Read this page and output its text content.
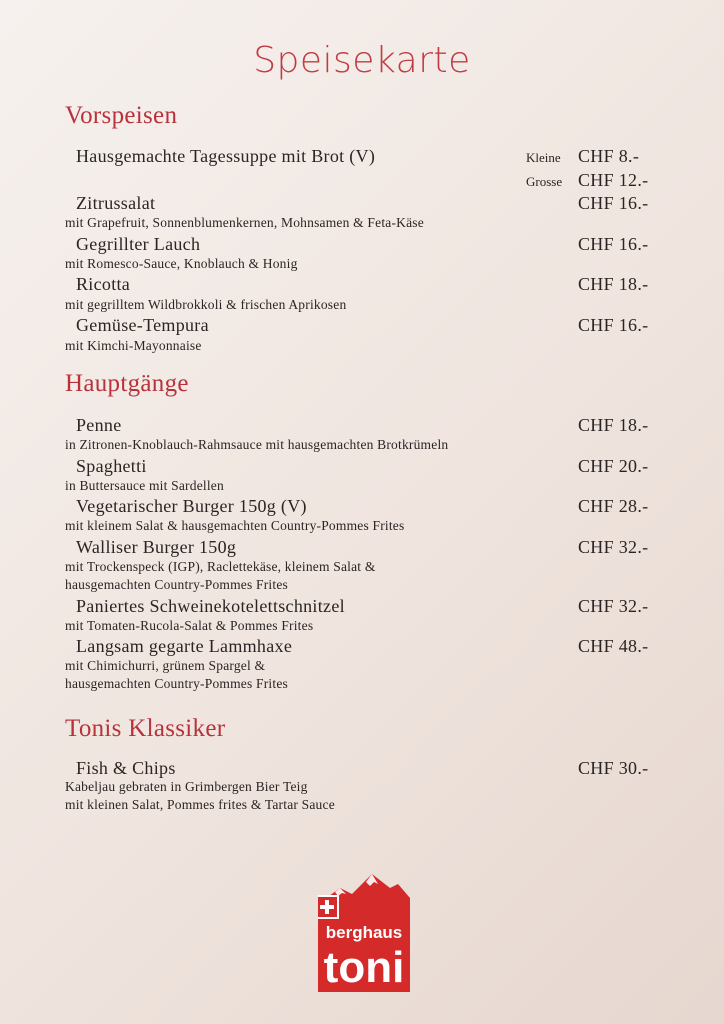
Speisekarte
Vorspeisen
Hausgemachte Tagessuppe mit Brot (V)	Kleine CHF 8.-
Grosse CHF 12.-
Zitrussalat	CHF 16.-
mit Grapefruit, Sonnenblumenkernen, Mohnsamen & Feta-Käse
Gegrillter Lauch	CHF 16.-
mit Romesco-Sauce, Knoblauch & Honig
Ricotta	CHF 18.-
mit gegrilltem Wildbrokkoli & frischen Aprikosen
Gemüse-Tempura	CHF 16.-
mit Kimchi-Mayonnaise
Hauptgänge
Penne	CHF 18.-
in Zitronen-Knoblauch-Rahmsauce mit hausgemachten Brotkrümeln
Spaghetti	CHF 20.-
in Buttersauce mit Sardellen
Vegetarischer Burger 150g (V)	CHF 28.-
mit kleinem Salat & hausgemachten Country-Pommes Frites
Walliser Burger 150g	CHF 32.-
mit Trockenspeck (IGP), Raclettekäse, kleinem Salat &
hausgemachten Country-Pommes Frites
Paniertes Schweinekotelettschnitzel	CHF 32.-
mit Tomaten-Rucola-Salat & Pommes Frites
Langsam gegarte Lammhaxe	CHF 48.-
mit Chimichurri, grünem Spargel &
hausgemachten Country-Pommes Frites
Tonis Klassiker
Fish & Chips	CHF 30.-
Kabeljau gebraten in Grimbergen Bier Teig
mit kleinen Salat, Pommes frites & Tartar Sauce
berghaus
toni
